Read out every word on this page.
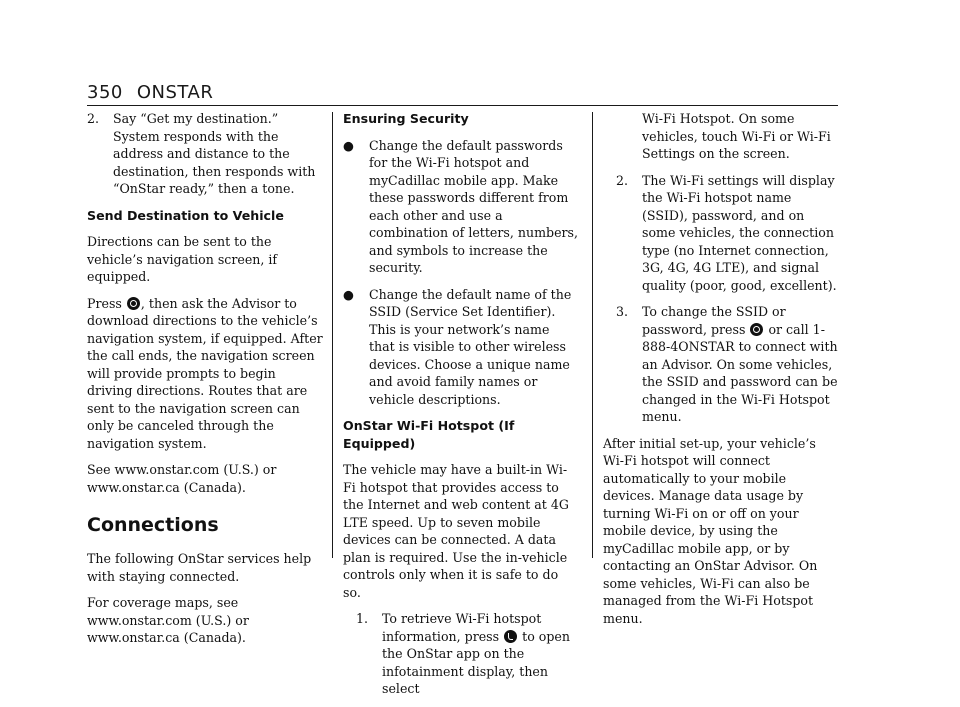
350 ONSTAR
2. Say “Get my destination.” System responds with the address and distance to the destination, then responds with “OnStar ready,” then a tone.
Send Destination to Vehicle

Directions can be sent to the vehicle’s navigation screen, if equipped.

Press , then ask the Advisor to download directions to the vehicle’s navigation system, if equipped. After the call ends, the navigation screen will provide prompts to begin driving directions. Routes that are sent to the navigation screen can only be canceled through the navigation system.

See www.onstar.com (U.S.) or www.onstar.ca (Canada).

Connections

The following OnStar services help with staying connected.

For coverage maps, see www.onstar.com (U.S.) or www.onstar.ca (Canada).

Ensuring Security
● Change the default passwords for the Wi-Fi hotspot and myCadillac mobile app. Make these passwords different from each other and use a combination of letters, numbers, and symbols to increase the security.
● Change the default name of the SSID (Service Set Identifier). This is your network’s name that is visible to other wireless devices. Choose a unique name and avoid family names or vehicle descriptions.
OnStar Wi-Fi Hotspot (If Equipped)

The vehicle may have a built-in Wi-Fi hotspot that provides access to the Internet and web content at 4G LTE speed. Up to seven mobile devices can be connected. A data plan is required. Use the in-vehicle controls only when it is safe to do so.

1. To retrieve Wi-Fi hotspot information, press to open the OnStar app on the infotainment display, then select
Wi-Fi Hotspot. On some vehicles, touch Wi-Fi or Wi-Fi Settings on the screen.
2. The Wi-Fi settings will display the Wi-Fi hotspot name (SSID), password, and on some vehicles, the connection type (no Internet connection, 3G, 4G, 4G LTE), and signal quality (poor, good, excellent).
3. To change the SSID or password, press or call 1-888-4ONSTAR to connect with an Advisor. On some vehicles, the SSID and password can be changed in the Wi-Fi Hotspot menu.

After initial set-up, your vehicle’s Wi-Fi hotspot will connect automatically to your mobile devices. Manage data usage by turning Wi-Fi on or off on your mobile device, by using the myCadillac mobile app, or by contacting an OnStar Advisor. On some vehicles, Wi-Fi can also be managed from the Wi-Fi Hotspot menu.
